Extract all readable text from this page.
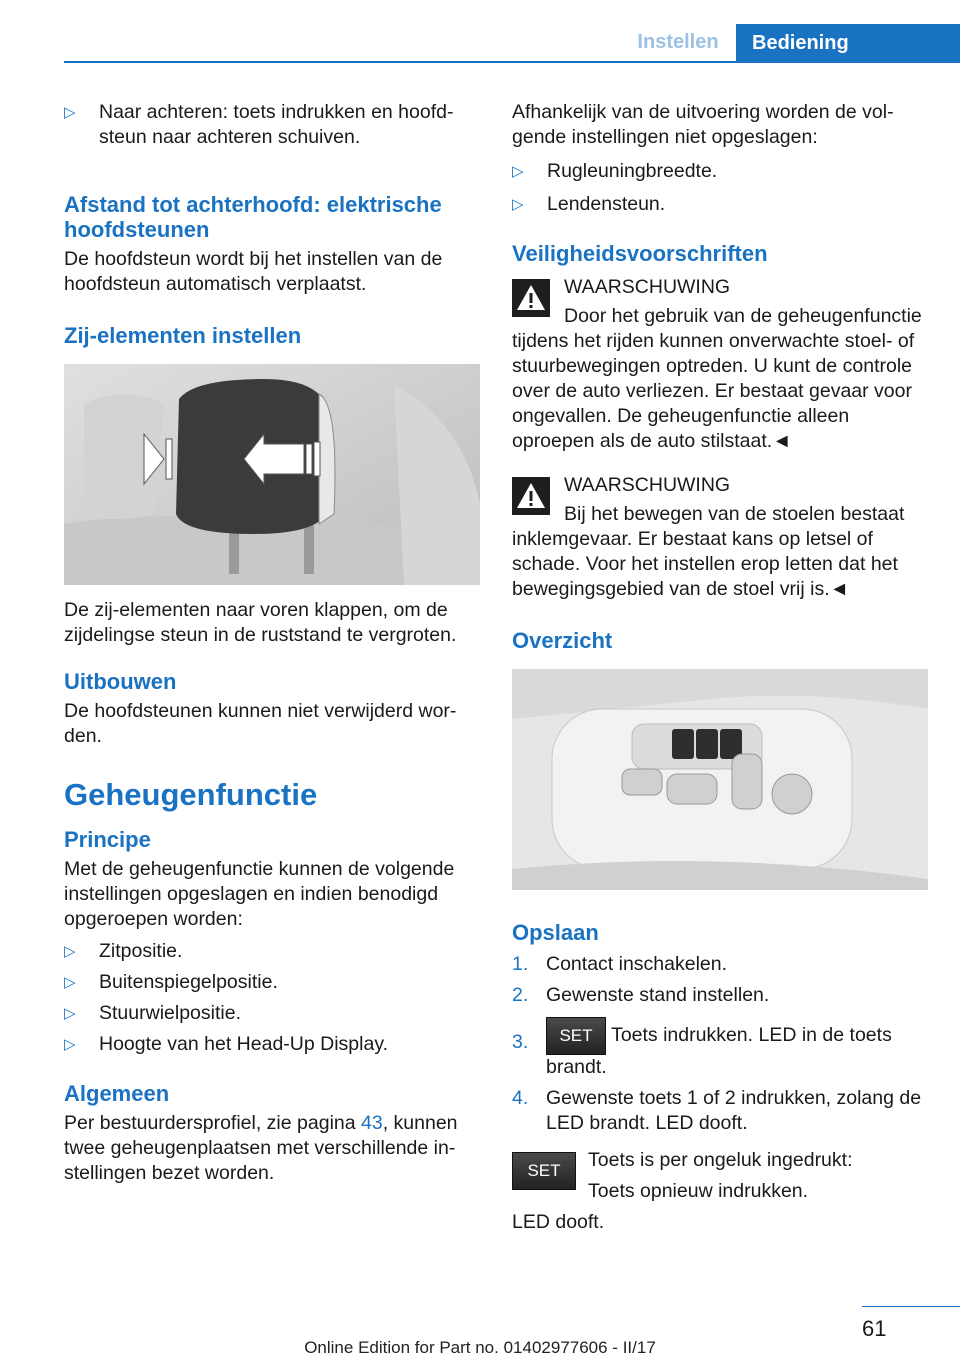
Instellen	Bediening
▷ Naar achteren: toets indrukken en hoofdsteun naar achteren schuiven.
Afstand tot achterhoofd: elektrische hoofdsteunen

De hoofdsteun wordt bij het instellen van de hoofdsteun automatisch verplaatst.

Zij-elementen instellen

De zij-elementen naar voren klappen, om de zijdelingse steun in de ruststand te vergroten.

Uitbouwen

De hoofdsteunen kunnen niet verwijderd worden.

Geheugenfunctie
Principe

Met de geheugenfunctie kunnen de volgende instellingen opgeslagen en indien benodigd opgeroepen worden:

▷ Zitpositie.
▷ Buitenspiegelpositie.
▷ Stuurwielpositie.
▷ Hoogte van het Head-Up Display.
Algemeen

Per bestuurdersprofiel, zie pagina 43, kunnen twee geheugenplaatsen met verschillende instellingen bezet worden.

Afhankelijk van de uitvoering worden de volgende instellingen niet opgeslagen:

▷ Rugleuningbreedte.
▷ Lendensteun.
Veiligheidsvoorschriften
WAARSCHUWING

Door het gebruik van de geheugenfunctie tijdens het rijden kunnen onverwachte stoel- of stuurbewegingen optreden. U kunt de controle over de auto verliezen. Er bestaat gevaar voor ongevallen. De geheugenfunctie alleen oproepen als de auto stilstaat.◄

WAARSCHUWING

Bij het bewegen van de stoelen bestaat inklemgevaar. Er bestaat kans op letsel of schade. Voor het instellen erop letten dat het bewegingsgebied van de stoel vrij is.◄

Overzicht
Opslaan
1. Contact inschakelen.
2. Gewenste stand instellen.
3. SET Toets indrukken. LED in de toets brandt.
4. Gewenste toets 1 of 2 indrukken, zolang de LED brandt. LED dooft.
SET	Toets is per ongeluk ingedrukt:
Toets opnieuw indrukken.

LED dooft.

61
Online Edition for Part no. 01402977606 - II/17
